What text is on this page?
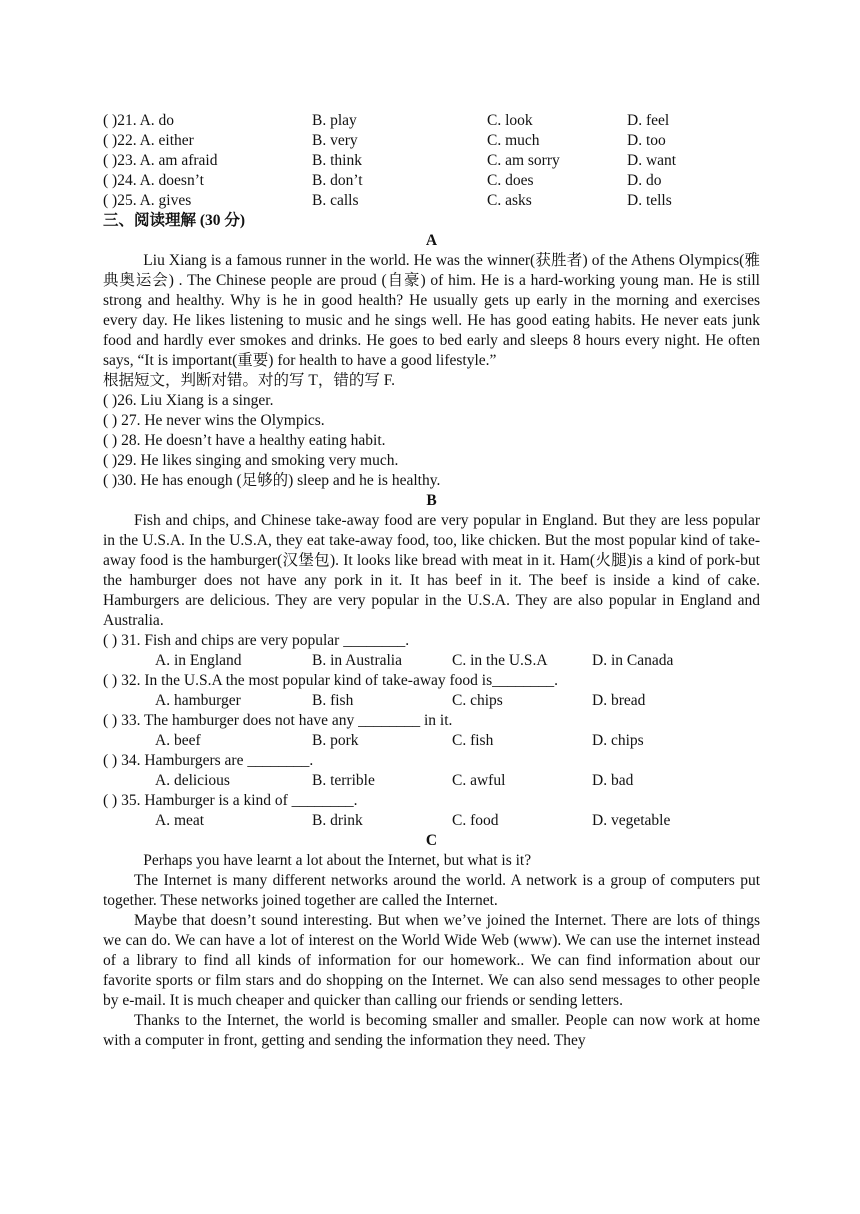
( )21. A. do	B. play	C. look	D. feel
( )22. A. either	B. very	C. much	D. too
( )23. A. am afraid	B. think	C. am sorry	D. want
( )24. A. doesn’t	B. don’t	C. does	D. do
( )25. A. gives	B. calls	C. asks	D. tells
三、阅读理解 (30 分)
A

Liu Xiang is a famous runner in the world. He was the winner(获胜者) of the Athens Olympics(雅典奥运会) . The Chinese people are proud (自豪) of him. He is a hard-working young man. He is still strong and healthy. Why is he in good health? He usually gets up early in the morning and exercises every day. He likes listening to music and he sings well. He has good eating habits. He never eats junk food and hardly ever smokes and drinks. He goes to bed early and sleeps 8 hours every night. He often says, “It is important(重要) for health to have a good lifestyle.”

根据短文，判断对错。对的写 T，错的写 F.
( )26. Liu Xiang is a singer.
( ) 27. He never wins the Olympics.
( ) 28. He doesn’t have a healthy eating habit.
( )29. He likes singing and smoking very much.
( )30. He has enough (足够的) sleep and he is healthy.
B

Fish and chips, and Chinese take-away food are very popular in England. But they are less popular in the U.S.A. In the U.S.A, they eat take-away food, too, like chicken. But the most popular kind of take-away food is the hamburger(汉堡包). It looks like bread with meat in it. Ham(火腿)is a kind of pork-but the hamburger does not have any pork in it. It has beef in it. The beef is inside a kind of cake. Hamburgers are delicious. They are very popular in the U.S.A. They are also popular in England and Australia.

( ) 31. Fish and chips are very popular ________.
A. in England	B. in Australia	C. in the U.S.A	D. in Canada
( ) 32. In the U.S.A the most popular kind of take-away food is________.
A. hamburger	B. fish	C. chips	D. bread
( ) 33. The hamburger does not have any ________ in it.
A. beef	B. pork	C. fish	D. chips
( ) 34. Hamburgers are ________.
A. delicious	B. terrible	C. awful	D. bad
( ) 35. Hamburger is a kind of ________.
A. meat	B. drink	C. food	D. vegetable
C

Perhaps you have learnt a lot about the Internet, but what is it?

The Internet is many different networks around the world. A network is a group of computers put together. These networks joined together are called the Internet.

Maybe that doesn’t sound interesting. But when we’ve joined the Internet. There are lots of things we can do. We can have a lot of interest on the World Wide Web (www). We can use the internet instead of a library to find all kinds of information for our homework.. We can find information about our favorite sports or film stars and do shopping on the Internet. We can also send messages to other people by e-mail. It is much cheaper and quicker than calling our friends or sending letters.

Thanks to the Internet, the world is becoming smaller and smaller. People can now work at home with a computer in front, getting and sending the information they need. They
